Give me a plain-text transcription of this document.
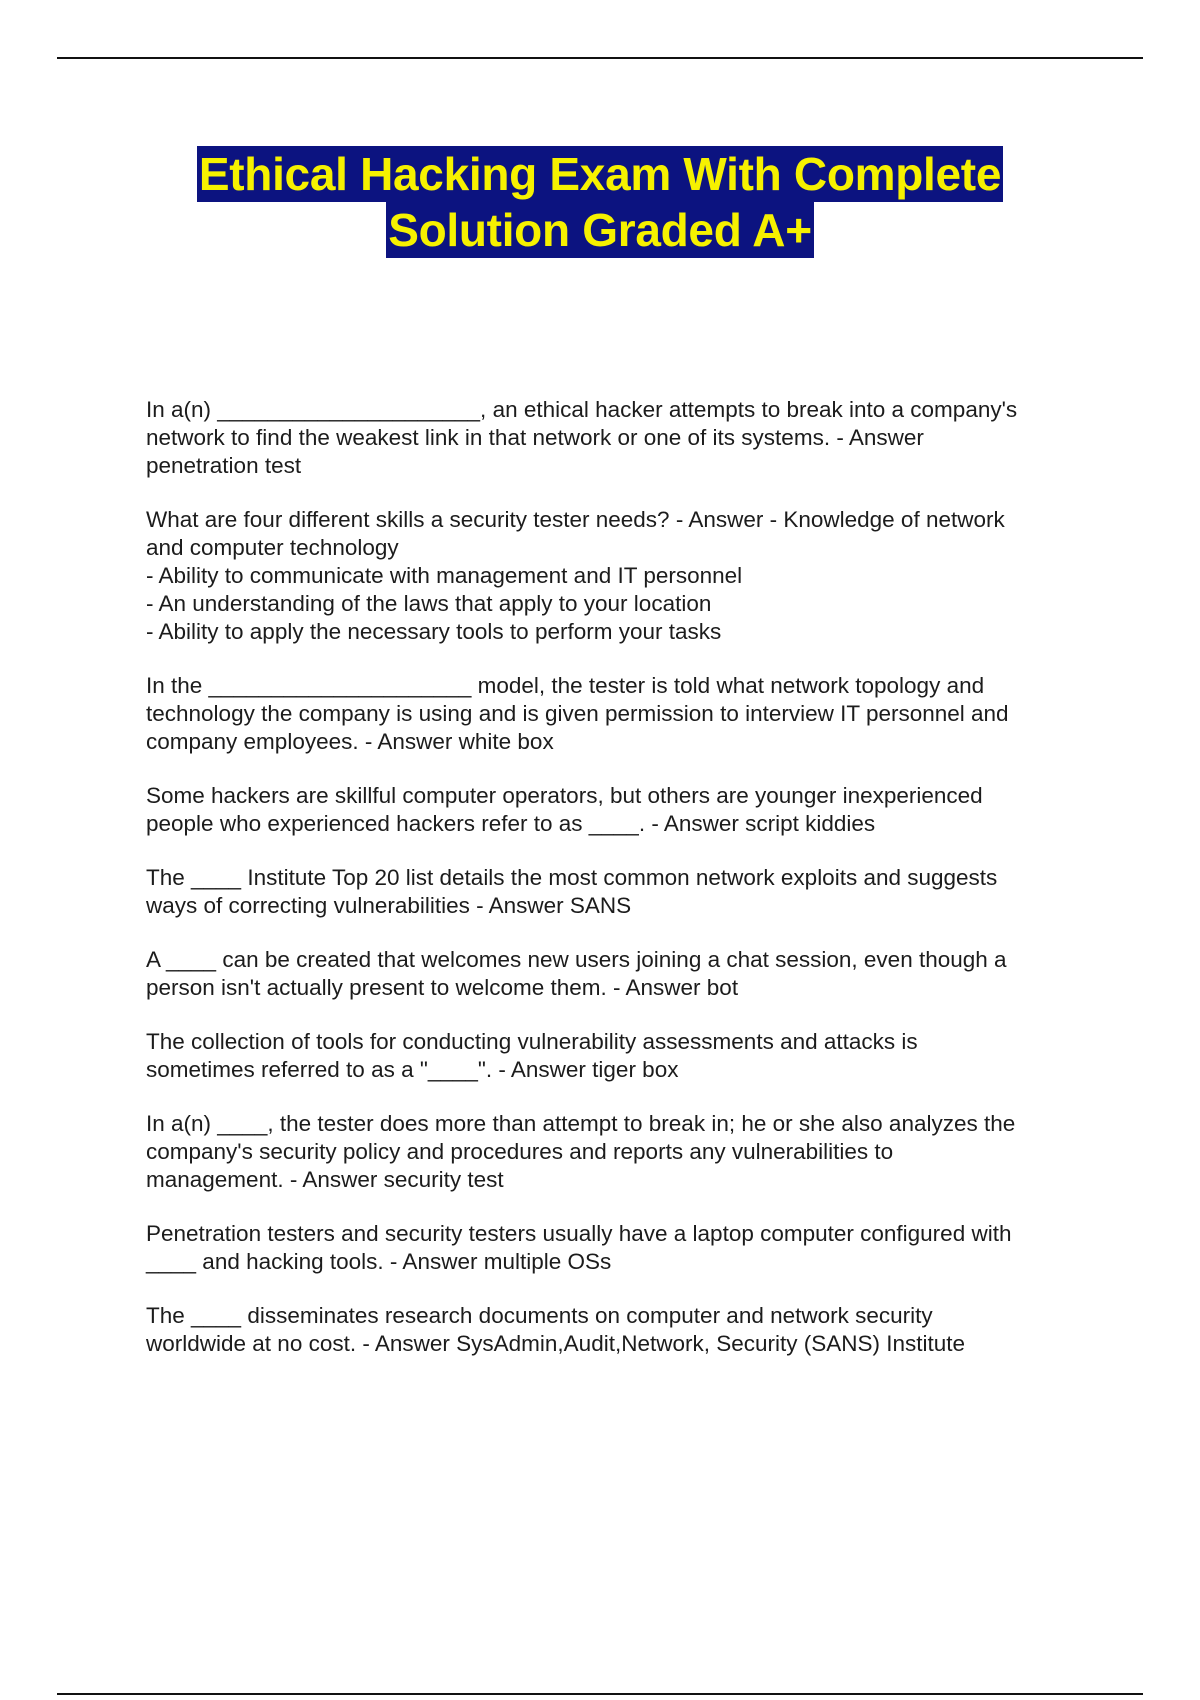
Ethical Hacking Exam With Complete
Solution Graded A+
In a(n) _____________________, an ethical hacker attempts to break into a company's
network to find the weakest link in that network or one of its systems. - Answer
penetration test
What are four different skills a security tester needs? - Answer - Knowledge of network
and computer technology
- Ability to communicate with management and IT personnel
- An understanding of the laws that apply to your location
- Ability to apply the necessary tools to perform your tasks
In the _____________________ model, the tester is told what network topology and
technology the company is using and is given permission to interview IT personnel and
company employees. - Answer white box
Some hackers are skillful computer operators, but others are younger inexperienced
people who experienced hackers refer to as ____. - Answer script kiddies
The ____ Institute Top 20 list details the most common network exploits and suggests
ways of correcting vulnerabilities - Answer SANS
A ____ can be created that welcomes new users joining a chat session, even though a
person isn't actually present to welcome them. - Answer bot
The collection of tools for conducting vulnerability assessments and attacks is
sometimes referred to as a "____". - Answer tiger box
In a(n) ____, the tester does more than attempt to break in; he or she also analyzes the
company's security policy and procedures and reports any vulnerabilities to
management. - Answer security test
Penetration testers and security testers usually have a laptop computer configured with
____ and hacking tools. - Answer multiple OSs
The ____ disseminates research documents on computer and network security
worldwide at no cost. - Answer SysAdmin,Audit,Network, Security (SANS) Institute
